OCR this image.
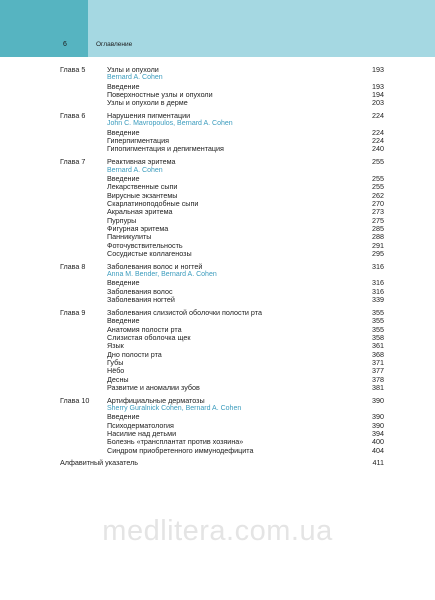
6	Оглавление
Глава 5	Узлы и опухоли	193
Bernard A. Cohen
Введение	193
Поверхностные узлы и опухоли	194
Узлы и опухоли в дерме	203
Глава 6	Нарушения пигментации	224
John C. Mavropoulos, Bernard A. Cohen
Введение	224
Гиперпигментация	224
Гипопигментация и депигментация	240
Глава 7	Реактивная эритема	255
Bernard A. Cohen
Введение	255
Лекарственные сыпи	255
Вирусные экзантемы	262
Скарлатиноподобные сыпи	270
Акральная эритема	273
Пурпуры	275
Фигурная эритема	285
Панникулиты	288
Фоточувствительность	291
Сосудистые коллагенозы	295
Глава 8	Заболевания волос и ногтей	316
Anna M. Bender, Bernard A. Cohen
Введение	316
Заболевания волос	316
Заболевания ногтей	339
Глава 9	Заболевания слизистой оболочки полости рта	355
Введение	355
Анатомия полости рта	355
Слизистая оболочка щек	358
Язык	361
Дно полости рта	368
Губы	371
Нёбо	377
Десны	378
Развитие и аномалии зубов	381
Глава 10	Артифициальные дерматозы	390
Sherry Guralnick Cohen, Bernard A. Cohen
Введение	390
Психодерматология	390
Насилие над детьми	394
Болезнь «трансплантат против хозяина»	400
Синдром приобретенного иммунодефицита	404
Алфавитный указатель	411
medlitera.com.ua
